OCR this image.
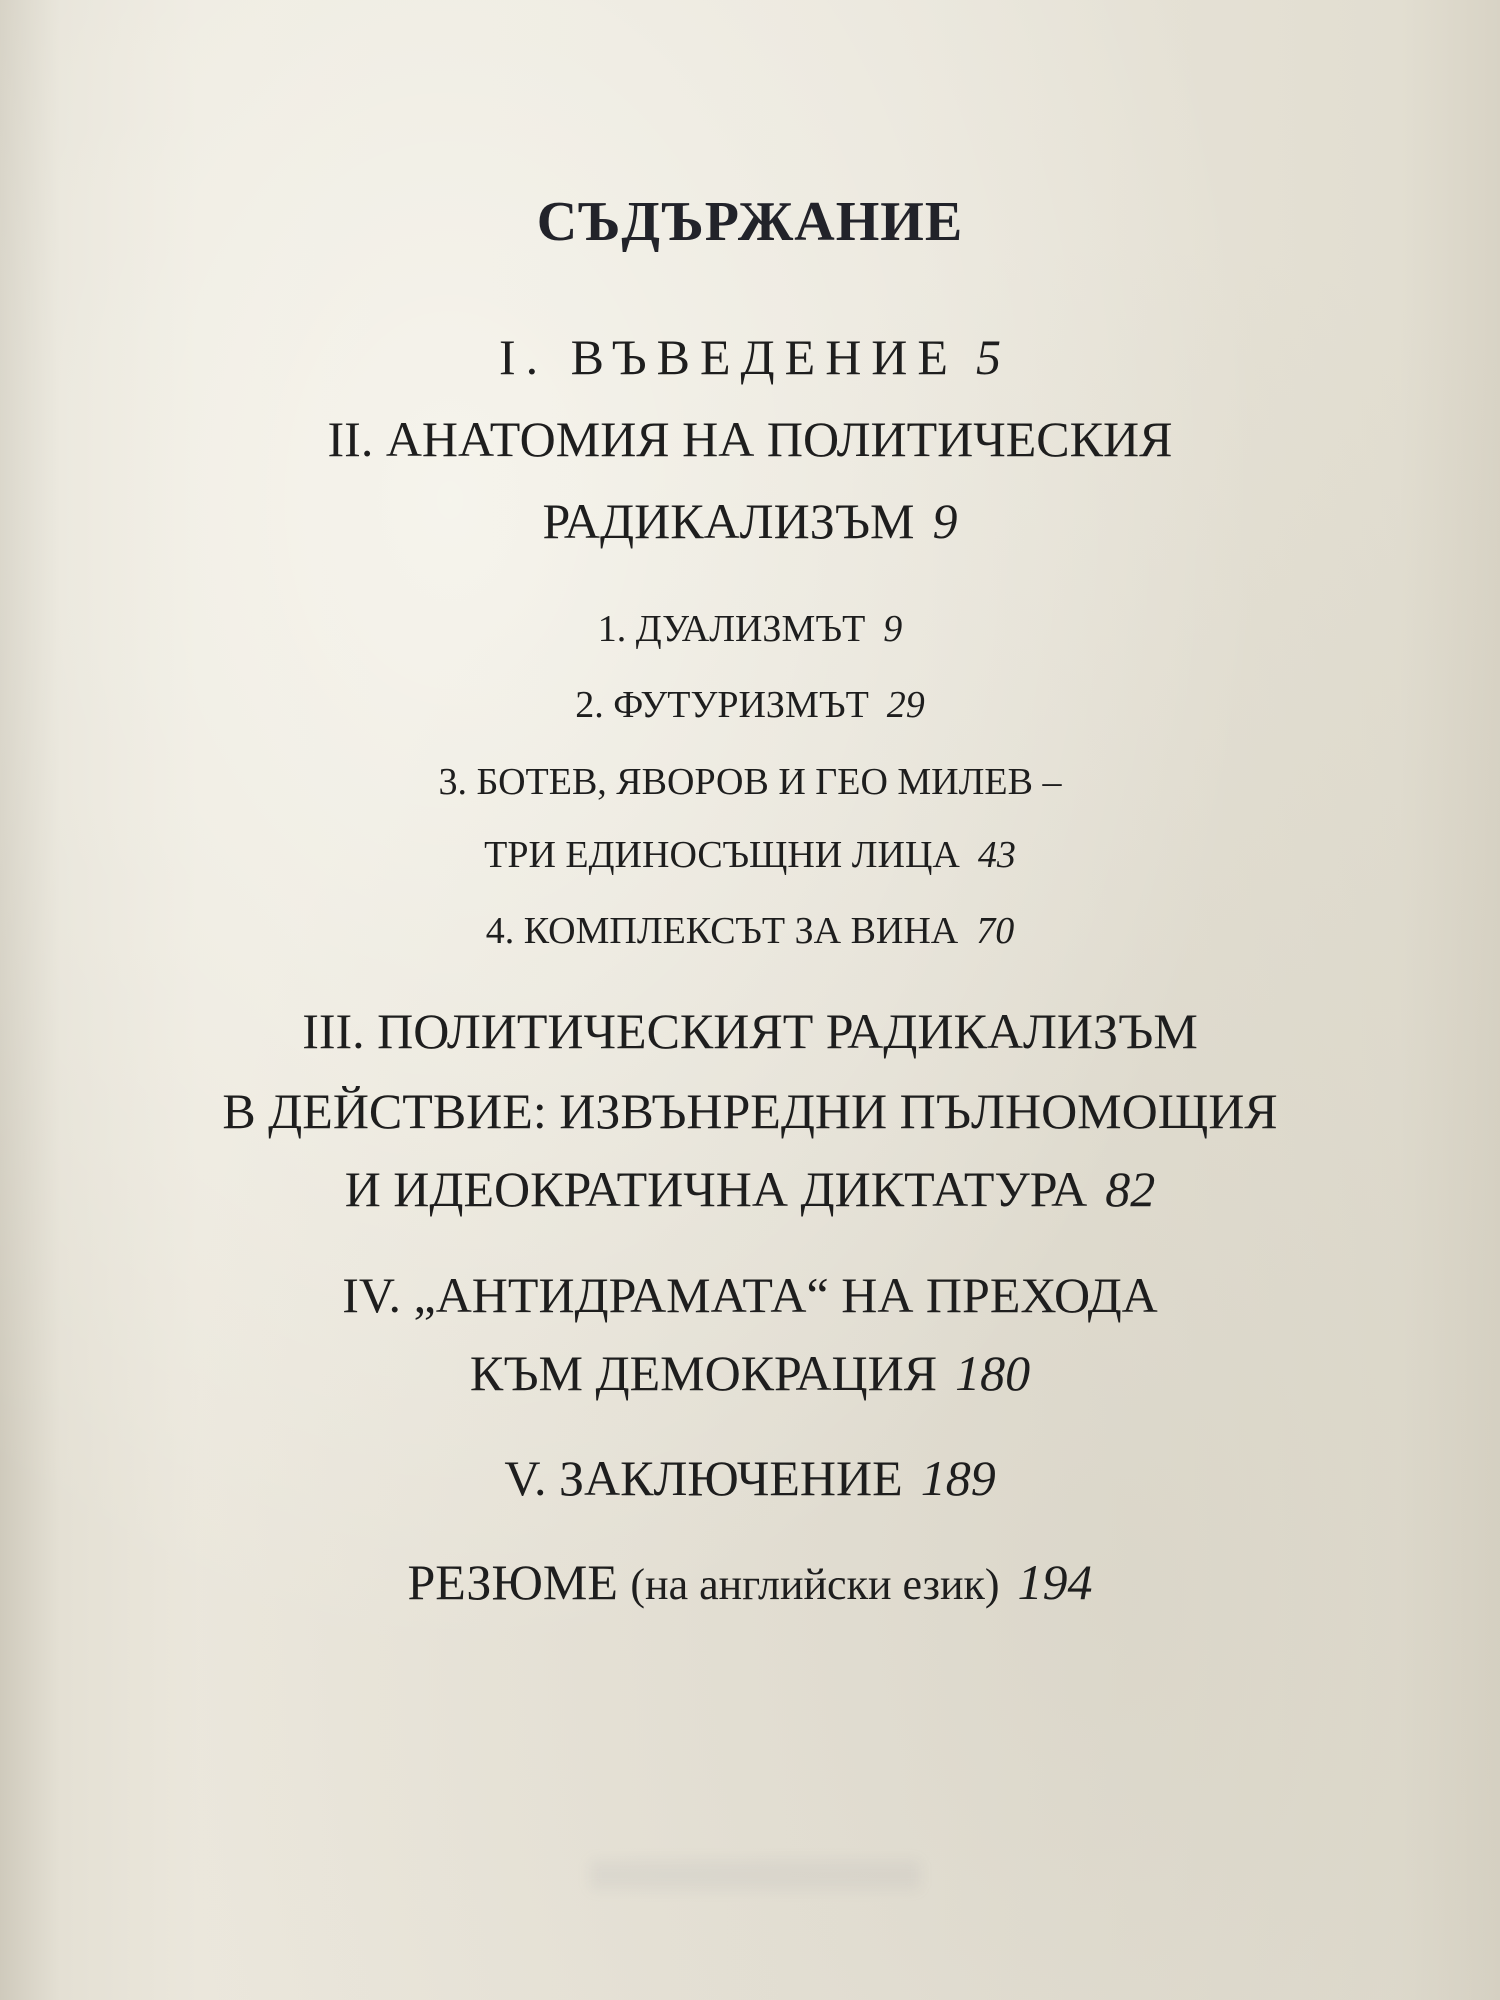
СЪДЪРЖАНИЕ
I. ВЪВЕДЕНИЕ 5
II. АНАТОМИЯ НА ПОЛИТИЧЕСКИЯ
РАДИКАЛИЗЪМ 9
1. ДУАЛИЗМЪТ 9
2. ФУТУРИЗМЪТ 29
3. БОТЕВ, ЯВОРОВ И ГЕО МИЛЕВ –
ТРИ ЕДИНОСЪЩНИ ЛИЦА 43
4. КОМПЛЕКСЪТ ЗА ВИНА 70
III. ПОЛИТИЧЕСКИЯТ РАДИКАЛИЗЪМ
В ДЕЙСТВИЕ: ИЗВЪНРЕДНИ ПЪЛНОМОЩИЯ
И ИДЕОКРАТИЧНА ДИКТАТУРА 82
IV. „АНТИДРАМАТА“ НА ПРЕХОДА
КЪМ ДЕМОКРАЦИЯ 180
V. ЗАКЛЮЧЕНИЕ 189
РЕЗЮМЕ (на английски език) 194
